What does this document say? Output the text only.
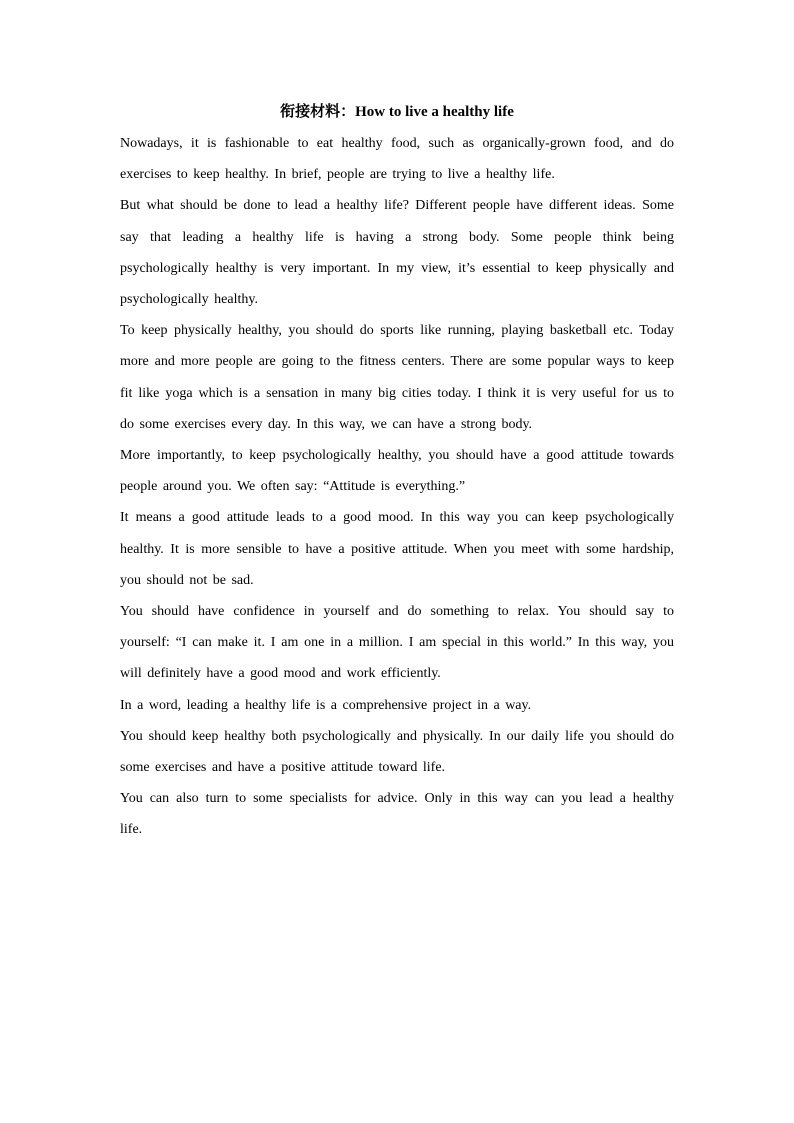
衔接材料：How to live a healthy life

Nowadays, it is fashionable to eat healthy food, such as organically-grown food, and do exercises to keep healthy. In brief, people are trying to live a healthy life.

But what should be done to lead a healthy life? Different people have different ideas. Some say that leading a healthy life is having a strong body. Some people think being psychologically healthy is very important. In my view, it’s essential to keep physically and psychologically healthy.

To keep physically healthy, you should do sports like running, playing basketball etc. Today more and more people are going to the fitness centers. There are some popular ways to keep fit like yoga which is a sensation in many big cities today. I think it is very useful for us to do some exercises every day. In this way, we can have a strong body.

More importantly, to keep psychologically healthy, you should have a good attitude towards people around you. We often say: “Attitude is everything.”

It means a good attitude leads to a good mood. In this way you can keep psychologically healthy. It is more sensible to have a positive attitude. When you meet with some hardship, you should not be sad.

You should have confidence in yourself and do something to relax. You should say to yourself: “I can make it. I am one in a million. I am special in this world.” In this way, you will definitely have a good mood and work efficiently.

In a word, leading a healthy life is a comprehensive project in a way.

You should keep healthy both psychologically and physically. In our daily life you should do some exercises and have a positive attitude toward life.

You can also turn to some specialists for advice. Only in this way can you lead a healthy life.
